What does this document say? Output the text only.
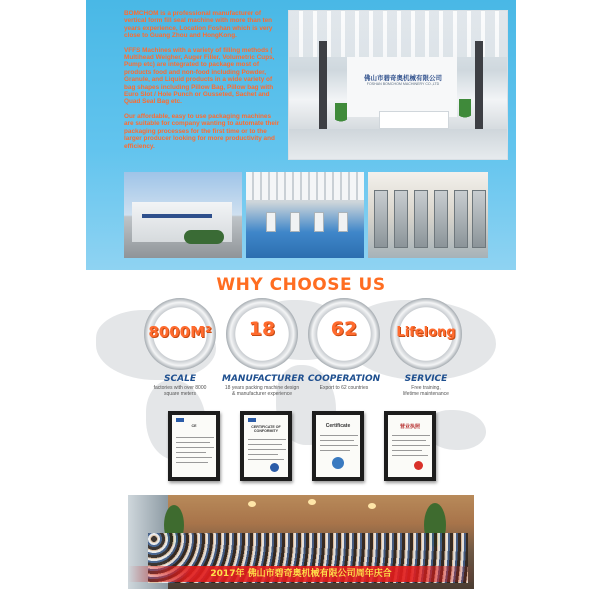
BOMCHOM is a professional manufacturer of vertical form fill seal machine with more than ten years experience, Location Foshan which is very close to Guang Zhou and HongKong.

VFFS Machines with a variety of filling methods ( Multihead Weigher, Auger Filler, Volumetric Cups, Pump etc) are integrated to package most of products food and non-food including Powder, Granule, and Liquid products in a wide variety of bag shapes including Pillow Bag, Pillow bag with Euro Slot / Hole Punch or Gusseted, Sachet and Quad Seal Bag etc.

Our affordable, easy to use packaging machines are suitable for company wanting to automate their packaging processes for the first time or to the larger producer looking for more productivity and efficiency.

佛山市碧奇奥机械有限公司
FOSHAN BOMCHOM MACHINERY CO.,LTD
WHY CHOOSE US
8000M²
SCALE
factories with over 8000
square meters
18
MANUFACTURER
18 years packing machine design
& manufacturer experience
62
COOPERATION
Export to 62 countries
Lifelong
SERVICE
Free training,
lifetime maintenance
CE	CERTIFICATE OF CONFORMITY
Certificate	营业执照
2017年 佛山市碧奇奥机械有限公司周年庆合
